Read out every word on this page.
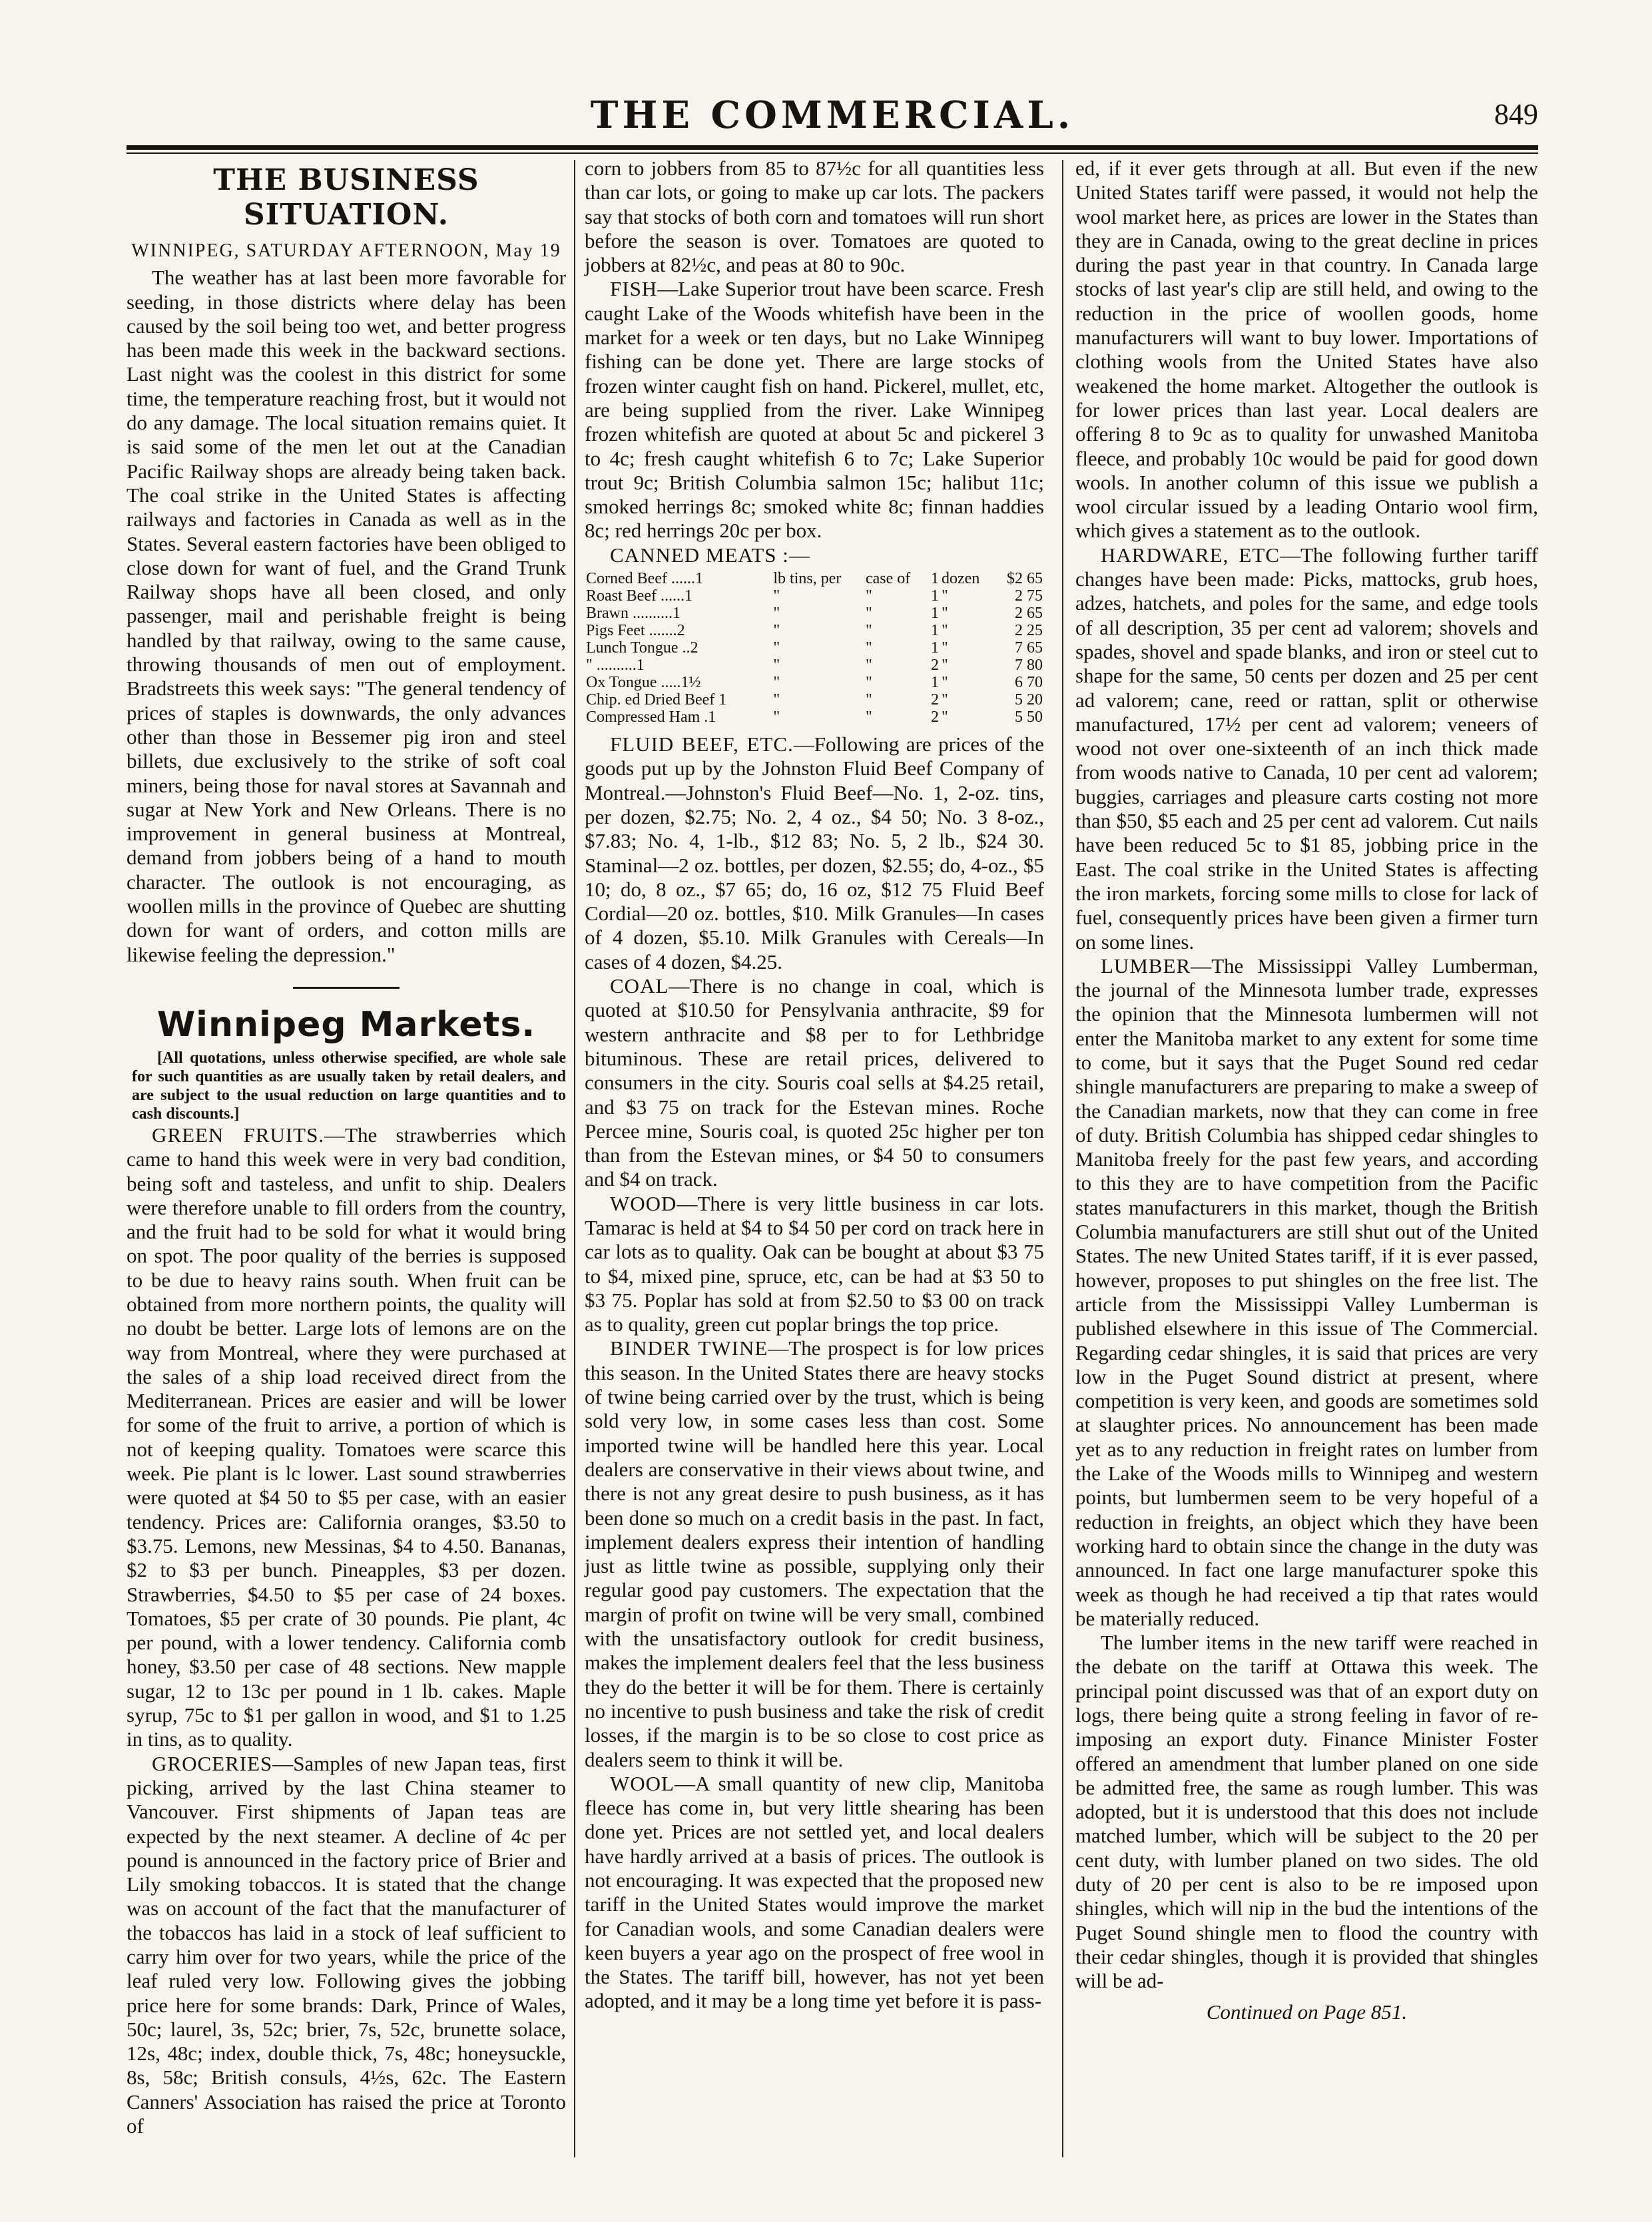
THE COMMERCIAL.	849
THE BUSINESS SITUATION.
WINNIPEG, SATURDAY AFTERNOON, May 19

The weather has at last been more favorable for seeding, in those districts where delay has been caused by the soil being too wet, and better progress has been made this week in the backward sections. Last night was the coolest in this district for some time, the temperature reaching frost, but it would not do any damage. The local situation remains quiet. It is said some of the men let out at the Canadian Pacific Railway shops are already being taken back. The coal strike in the United States is affecting railways and factories in Canada as well as in the States. Several eastern factories have been obliged to close down for want of fuel, and the Grand Trunk Railway shops have all been closed, and only passenger, mail and perishable freight is being handled by that railway, owing to the same cause, throwing thousands of men out of employment. Bradstreets this week says: "The general tendency of prices of staples is downwards, the only advances other than those in Bessemer pig iron and steel billets, due exclusively to the strike of soft coal miners, being those for naval stores at Savannah and sugar at New York and New Orleans. There is no improvement in general business at Montreal, demand from jobbers being of a hand to mouth character. The outlook is not encouraging, as woollen mills in the province of Quebec are shutting down for want of orders, and cotton mills are likewise feeling the depression."

Winnipeg Markets.

[All quotations, unless otherwise specified, are whole sale for such quantities as are usually taken by retail dealers, and are subject to the usual reduction on large quantities and to cash discounts.]

GREEN FRUITS.—The strawberries which came to hand this week were in very bad condition, being soft and tasteless, and unfit to ship. Dealers were therefore unable to fill orders from the country, and the fruit had to be sold for what it would bring on spot. The poor quality of the berries is supposed to be due to heavy rains south. When fruit can be obtained from more northern points, the quality will no doubt be better. Large lots of lemons are on the way from Montreal, where they were purchased at the sales of a ship load received direct from the Mediterranean. Prices are easier and will be lower for some of the fruit to arrive, a portion of which is not of keeping quality. Tomatoes were scarce this week. Pie plant is lc lower. Last sound strawberries were quoted at $4 50 to $5 per case, with an easier tendency. Prices are: California oranges, $3.50 to $3.75. Lemons, new Messinas, $4 to 4.50. Bananas, $2 to $3 per bunch. Pineapples, $3 per dozen. Strawberries, $4.50 to $5 per case of 24 boxes. Tomatoes, $5 per crate of 30 pounds. Pie plant, 4c per pound, with a lower tendency. California comb honey, $3.50 per case of 48 sections. New mapple sugar, 12 to 13c per pound in 1 lb. cakes. Maple syrup, 75c to $1 per gallon in wood, and $1 to 1.25 in tins, as to quality.

GROCERIES—Samples of new Japan teas, first picking, arrived by the last China steamer to Vancouver. First shipments of Japan teas are expected by the next steamer. A decline of 4c per pound is announced in the factory price of Brier and Lily smoking tobaccos. It is stated that the change was on account of the fact that the manufacturer of the tobaccos has laid in a stock of leaf sufficient to carry him over for two years, while the price of the leaf ruled very low. Following gives the jobbing price here for some brands: Dark, Prince of Wales, 50c; laurel, 3s, 52c; brier, 7s, 52c, brunette solace, 12s, 48c; index, double thick, 7s, 48c; honeysuckle, 8s, 58c; British consuls, 4½s, 62c. The Eastern Canners' Association has raised the price at Toronto of

corn to jobbers from 85 to 87½c for all quantities less than car lots, or going to make up car lots. The packers say that stocks of both corn and tomatoes will run short before the season is over. Tomatoes are quoted to jobbers at 82½c, and peas at 80 to 90c.

FISH—Lake Superior trout have been scarce. Fresh caught Lake of the Woods whitefish have been in the market for a week or ten days, but no Lake Winnipeg fishing can be done yet. There are large stocks of frozen winter caught fish on hand. Pickerel, mullet, etc, are being supplied from the river. Lake Winnipeg frozen whitefish are quoted at about 5c and pickerel 3 to 4c; fresh caught whitefish 6 to 7c; Lake Superior trout 9c; British Columbia salmon 15c; halibut 11c; smoked herrings 8c; smoked white 8c; finnan haddies 8c; red herrings 20c per box.

CANNED MEATS :—

Corned Beef ......1	lb tins, per	case of	1	dozen	$2 65
Roast Beef ......1	"	"	1	"	2 75
Brawn ..........1	"	"	1	"	2 65
Pigs Feet .......2	"	"	1	"	2 25
Lunch Tongue ..2	"	"	1	"	7 65
" ..........1	"	"	2	"	7 80
Ox Tongue .....1½	"	"	1	"	6 70
Chip. ed Dried Beef 1	"	"	2	"	5 20
Compressed Ham .1	"	"	2	"	5 50

FLUID BEEF, ETC.—Following are prices of the goods put up by the Johnston Fluid Beef Company of Montreal.—Johnston's Fluid Beef—No. 1, 2-oz. tins, per dozen, $2.75; No. 2, 4 oz., $4 50; No. 3 8-oz., $7.83; No. 4, 1-lb., $12 83; No. 5, 2 lb., $24 30. Staminal—2 oz. bottles, per dozen, $2.55; do, 4-oz., $5 10; do, 8 oz., $7 65; do, 16 oz, $12 75 Fluid Beef Cordial—20 oz. bottles, $10. Milk Granules—In cases of 4 dozen, $5.10. Milk Granules with Cereals—In cases of 4 dozen, $4.25.

COAL—There is no change in coal, which is quoted at $10.50 for Pensylvania anthracite, $9 for western anthracite and $8 per to for Lethbridge bituminous. These are retail prices, delivered to consumers in the city. Souris coal sells at $4.25 retail, and $3 75 on track for the Estevan mines. Roche Percee mine, Souris coal, is quoted 25c higher per ton than from the Estevan mines, or $4 50 to consumers and $4 on track.

WOOD—There is very little business in car lots. Tamarac is held at $4 to $4 50 per cord on track here in car lots as to quality. Oak can be bought at about $3 75 to $4, mixed pine, spruce, etc, can be had at $3 50 to $3 75. Poplar has sold at from $2.50 to $3 00 on track as to quality, green cut poplar brings the top price.

BINDER TWINE—The prospect is for low prices this season. In the United States there are heavy stocks of twine being carried over by the trust, which is being sold very low, in some cases less than cost. Some imported twine will be handled here this year. Local dealers are conservative in their views about twine, and there is not any great desire to push business, as it has been done so much on a credit basis in the past. In fact, implement dealers express their intention of handling just as little twine as possible, supplying only their regular good pay customers. The expectation that the margin of profit on twine will be very small, combined with the unsatisfactory outlook for credit business, makes the implement dealers feel that the less business they do the better it will be for them. There is certainly no incentive to push business and take the risk of credit losses, if the margin is to be so close to cost price as dealers seem to think it will be.

WOOL—A small quantity of new clip, Manitoba fleece has come in, but very little shearing has been done yet. Prices are not settled yet, and local dealers have hardly arrived at a basis of prices. The outlook is not encouraging. It was expected that the proposed new tariff in the United States would improve the market for Canadian wools, and some Canadian dealers were keen buyers a year ago on the prospect of free wool in the States. The tariff bill, however, has not yet been adopted, and it may be a long time yet before it is pass-

ed, if it ever gets through at all. But even if the new United States tariff were passed, it would not help the wool market here, as prices are lower in the States than they are in Canada, owing to the great decline in prices during the past year in that country. In Canada large stocks of last year's clip are still held, and owing to the reduction in the price of woollen goods, home manufacturers will want to buy lower. Importations of clothing wools from the United States have also weakened the home market. Altogether the outlook is for lower prices than last year. Local dealers are offering 8 to 9c as to quality for unwashed Manitoba fleece, and probably 10c would be paid for good down wools. In another column of this issue we publish a wool circular issued by a leading Ontario wool firm, which gives a statement as to the outlook.

HARDWARE, ETC—The following further tariff changes have been made: Picks, mattocks, grub hoes, adzes, hatchets, and poles for the same, and edge tools of all description, 35 per cent ad valorem; shovels and spades, shovel and spade blanks, and iron or steel cut to shape for the same, 50 cents per dozen and 25 per cent ad valorem; cane, reed or rattan, split or otherwise manufactured, 17½ per cent ad valorem; veneers of wood not over one-sixteenth of an inch thick made from woods native to Canada, 10 per cent ad valorem; buggies, carriages and pleasure carts costing not more than $50, $5 each and 25 per cent ad valorem. Cut nails have been reduced 5c to $1 85, jobbing price in the East. The coal strike in the United States is affecting the iron markets, forcing some mills to close for lack of fuel, consequently prices have been given a firmer turn on some lines.

LUMBER—The Mississippi Valley Lumberman, the journal of the Minnesota lumber trade, expresses the opinion that the Minnesota lumbermen will not enter the Manitoba market to any extent for some time to come, but it says that the Puget Sound red cedar shingle manufacturers are preparing to make a sweep of the Canadian markets, now that they can come in free of duty. British Columbia has shipped cedar shingles to Manitoba freely for the past few years, and according to this they are to have competition from the Pacific states manufacturers in this market, though the British Columbia manufacturers are still shut out of the United States. The new United States tariff, if it is ever passed, however, proposes to put shingles on the free list. The article from the Mississippi Valley Lumberman is published elsewhere in this issue of The Commercial. Regarding cedar shingles, it is said that prices are very low in the Puget Sound district at present, where competition is very keen, and goods are sometimes sold at slaughter prices. No announcement has been made yet as to any reduction in freight rates on lumber from the Lake of the Woods mills to Winnipeg and western points, but lumbermen seem to be very hopeful of a reduction in freights, an object which they have been working hard to obtain since the change in the duty was announced. In fact one large manufacturer spoke this week as though he had received a tip that rates would be materially reduced.

The lumber items in the new tariff were reached in the debate on the tariff at Ottawa this week. The principal point discussed was that of an export duty on logs, there being quite a strong feeling in favor of re-imposing an export duty. Finance Minister Foster offered an amendment that lumber planed on one side be admitted free, the same as rough lumber. This was adopted, but it is understood that this does not include matched lumber, which will be subject to the 20 per cent duty, with lumber planed on two sides. The old duty of 20 per cent is also to be re imposed upon shingles, which will nip in the bud the intentions of the Puget Sound shingle men to flood the country with their cedar shingles, though it is provided that shingles will be ad-

Continued on Page 851.
